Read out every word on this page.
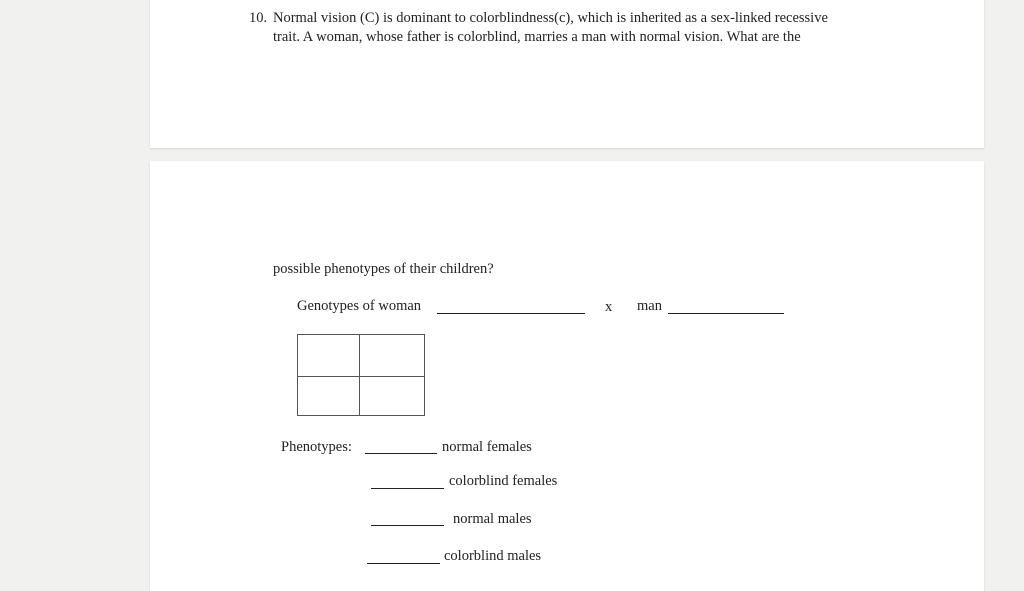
10. Normal vision (C) is dominant to colorblindness(c), which is inherited as a sex-linked recessive
trait. A woman, whose father is colorblind, marries a man with normal vision. What are the
possible phenotypes of their children?
Genotypes of woman	x man
Phenotypes:	normal females
colorblind females
normal males
colorblind males
